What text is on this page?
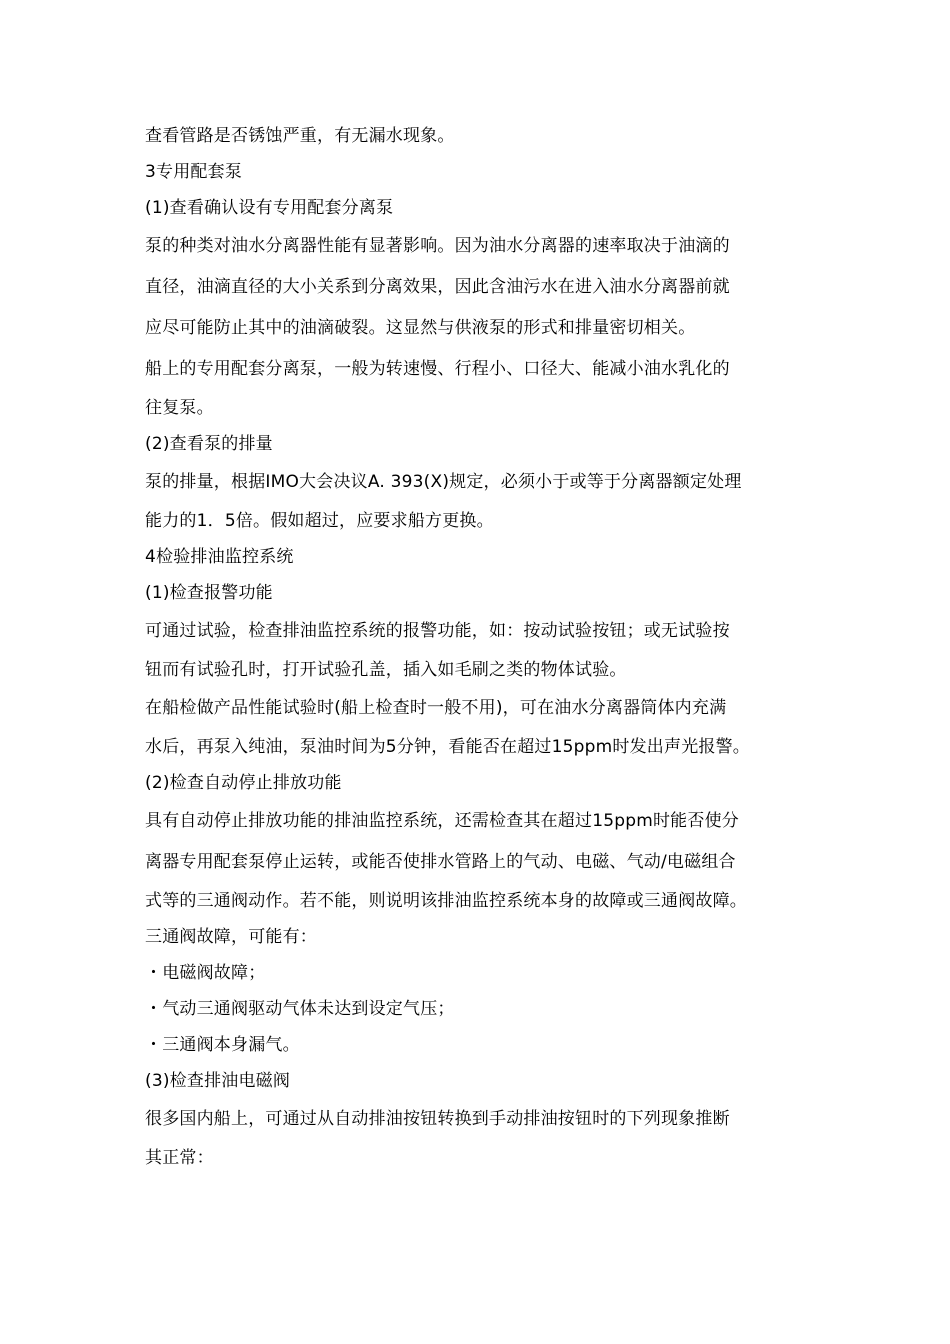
查看管路是否锈蚀严重，有无漏水现象。
3专用配套泵
(1)查看确认设有专用配套分离泵
泵的种类对油水分离器性能有显著影响。因为油水分离器的速率取决于油滴的
直径，油滴直径的大小关系到分离效果，因此含油污水在进入油水分离器前就
应尽可能防止其中的油滴破裂。这显然与供液泵的形式和排量密切相关。
船上的专用配套分离泵，一般为转速慢、行程小、口径大、能减小油水乳化的
往复泵。
(2)查看泵的排量
泵的排量，根据IMO大会决议A. 393(X)规定，必须小于或等于分离器额定处理
能力的1．5倍。假如超过，应要求船方更换。
4检验排油监控系统
(1)检查报警功能
可通过试验，检查排油监控系统的报警功能，如：按动试验按钮；或无试验按
钮而有试验孔时，打开试验孔盖，插入如毛刷之类的物体试验。
在船检做产品性能试验时(船上检查时一般不用)，可在油水分离器筒体内充满
水后，再泵入纯油，泵油时间为5分钟，看能否在超过15ppm时发出声光报警。
(2)检查自动停止排放功能
具有自动停止排放功能的排油监控系统，还需检查其在超过15ppm时能否使分
离器专用配套泵停止运转，或能否使排水管路上的气动、电磁、气动/电磁组合
式等的三通阀动作。若不能，则说明该排油监控系统本身的故障或三通阀故障。
三通阀故障，可能有：
・电磁阀故障；
・气动三通阀驱动气体未达到设定气压；
・三通阀本身漏气。
(3)检查排油电磁阀
很多国内船上，可通过从自动排油按钮转换到手动排油按钮时的下列现象推断
其正常：
